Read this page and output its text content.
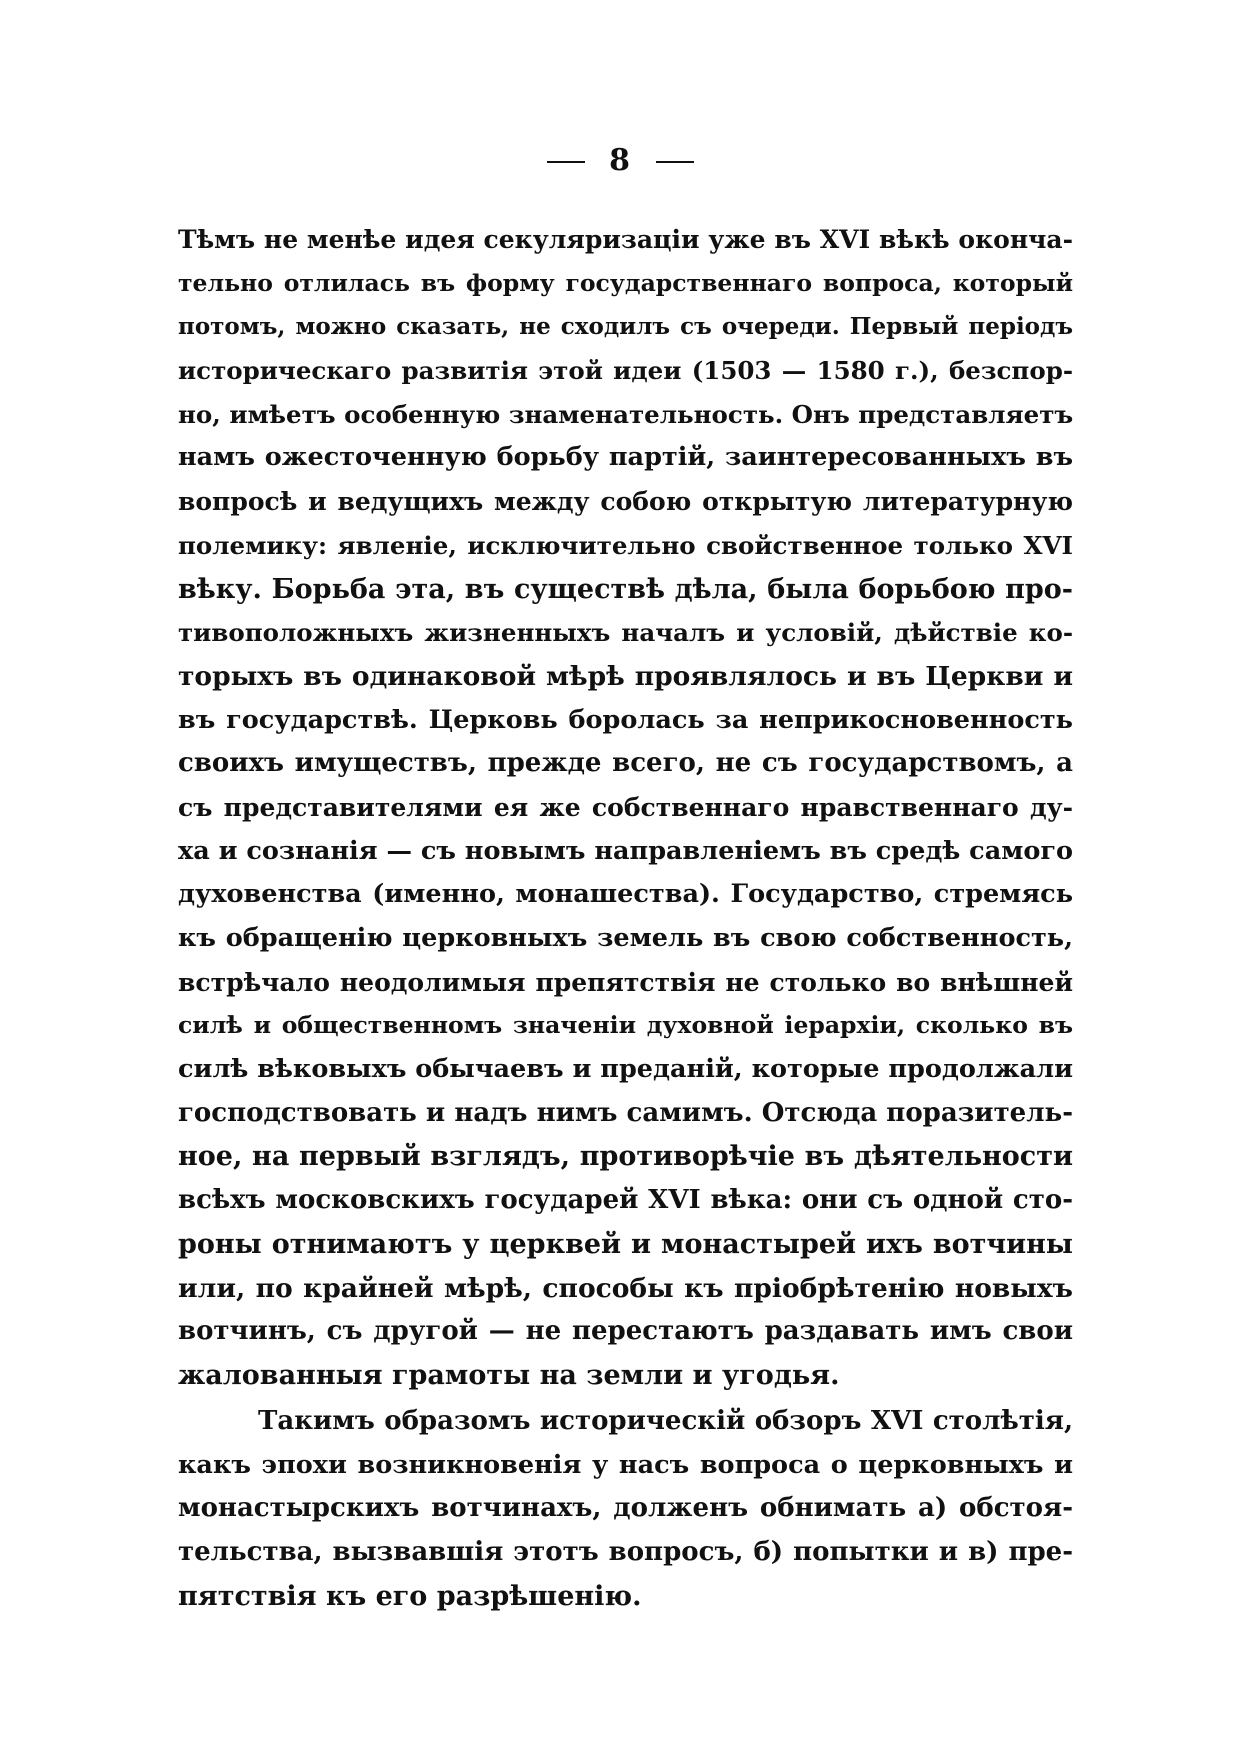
8
Тѣмъ не менѣе идея секуляризаціи уже въ XVI вѣкѣ оконча-
тельно отлилась въ форму государственнаго вопроса, который
потомъ, можно сказать, не сходилъ съ очереди. Первый періодъ
историческаго развитія этой идеи (1503 — 1580 г.), безспор-
но, имѣетъ особенную знаменательность. Онъ представляетъ
намъ ожесточенную борьбу партій, заинтересованныхъ въ
вопросѣ и ведущихъ между собою открытую литературную
полемику: явленіе, исключительно свойственное только XVI
вѣку. Борьба эта, въ существѣ дѣла, была борьбою про-
тивоположныхъ жизненныхъ началъ и условій, дѣйствіе ко-
торыхъ въ одинаковой мѣрѣ проявлялось и въ Церкви и
въ государствѣ. Церковь боролась за неприкосновенность
своихъ имуществъ, прежде всего, не съ государствомъ, а
съ представителями ея же собственнаго нравственнаго ду-
ха и сознанія — съ новымъ направленіемъ въ средѣ самого
духовенства (именно, монашества). Государство, стремясь
къ обращенію церковныхъ земель въ свою собственность,
встрѣчало неодолимыя препятствія не столько во внѣшней
силѣ и общественномъ значеніи духовной іерархіи, сколько въ
силѣ вѣковыхъ обычаевъ и преданій, которые продолжали
господствовать и надъ нимъ самимъ. Отсюда поразитель-
ное, на первый взглядъ, противорѣчіе въ дѣятельности
всѣхъ московскихъ государей XVI вѣка: они съ одной сто-
роны отнимаютъ у церквей и монастырей ихъ вотчины
или, по крайней мѣрѣ, способы къ пріобрѣтенію новыхъ
вотчинъ, съ другой — не перестаютъ раздавать имъ свои
жалованныя грамоты на земли и угодья.
Такимъ образомъ историческій обзоръ XVI столѣтія,
какъ эпохи возникновенія у насъ вопроса о церковныхъ и
монастырскихъ вотчинахъ, долженъ обнимать а) обстоя-
тельства, вызвавшія этотъ вопросъ, б) попытки и в) пре-
пятствія къ его разрѣшенію.
